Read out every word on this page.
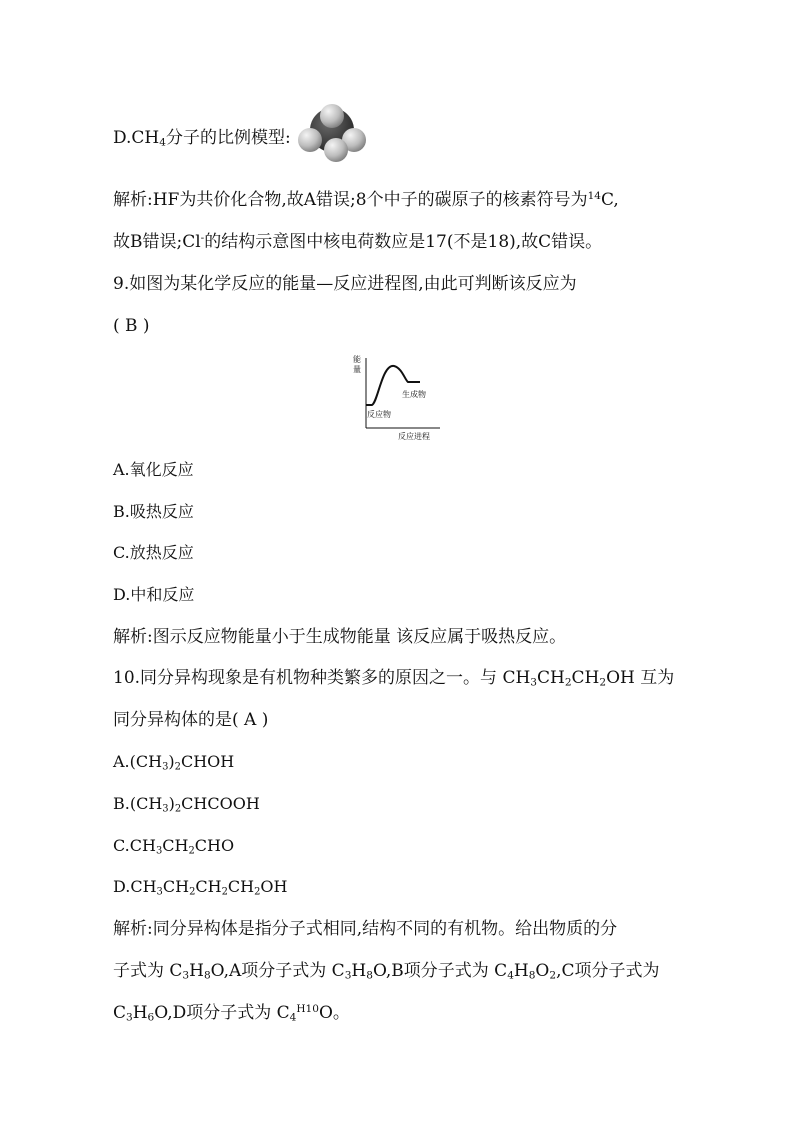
$D.CH_4$分子的比例模型:
解析:HF为共价化合物,故A错误;8个中子的碳原子的核素符号为$^{14}$C,
故B错误;Cl-的结构示意图中核电荷数应是17(不是18),故C错误。
9.如图为某化学反应的能量—反应进程图,由此可判断该反应为
( B )
能
量
生成物
反应物
反应进程
A.氧化反应
B.吸热反应
C.放热反应
D.中和反应
解析:图示反应物能量小于生成物能量 该反应属于吸热反应。
10.同分异构现象是有机物种类繁多的原因之一。与 $CH_3CH_2CH_2OH$ 互为
同分异构体的是( A )
$A.(CH_3)_2CHOH$
$B.(CH_3)_2CHCOOH$
$C.CH_3CH_2CHO$
$D.CH_3CH_2CH_2CH_2OH$
解析:同分异构体是指分子式相同,结构不同的有机物。给出物质的分
子式为 $C_3H_8O,A$项分子式为 $C_3H_8O,B$项分子式为 $C_4H_8O_2,C$项分子式为
$C_3H_6O,D$项分子式为 $C_4^{H10}O$。
